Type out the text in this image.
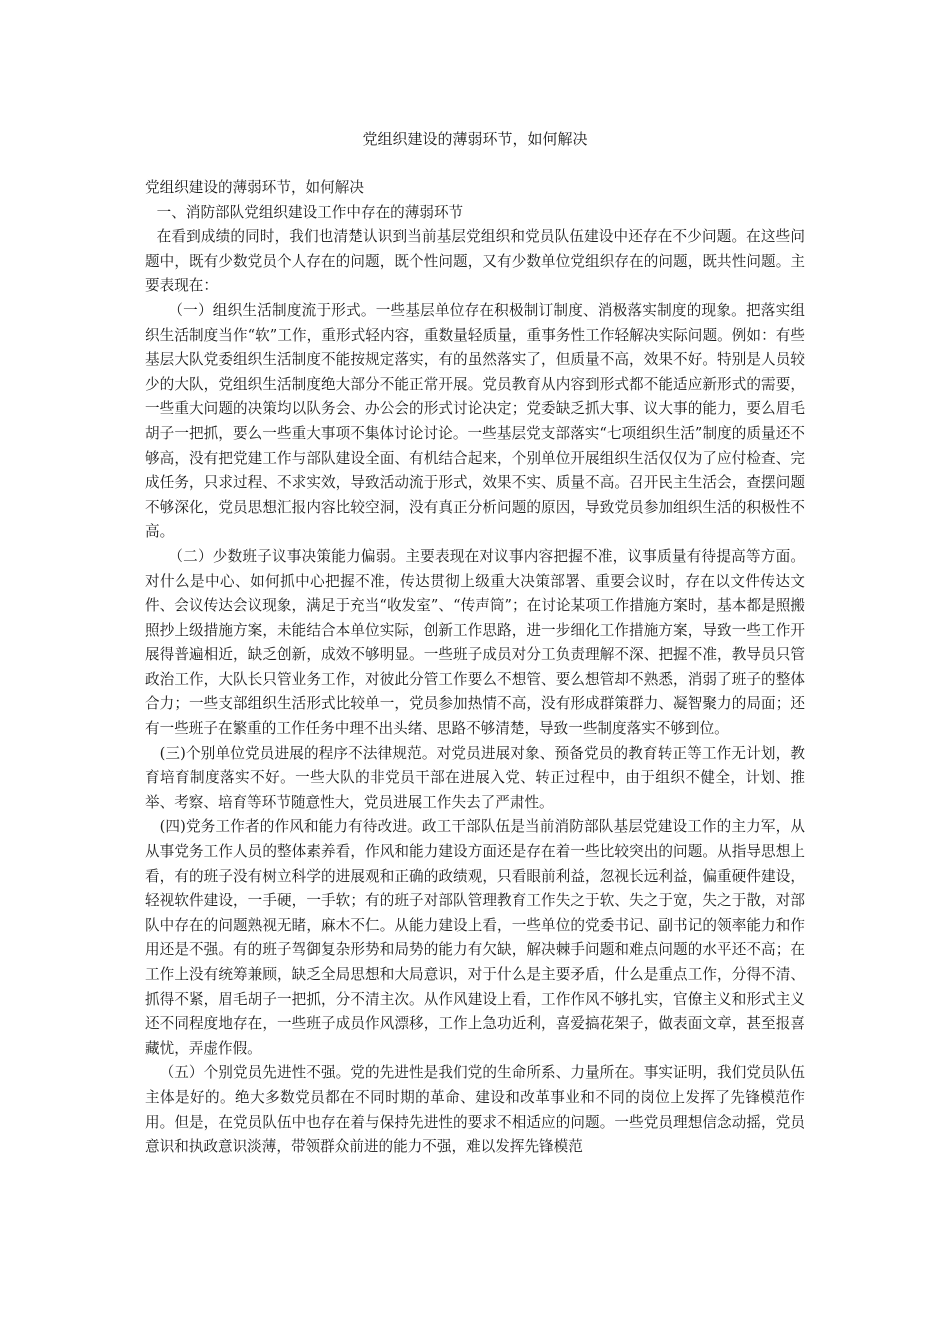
党组织建设的薄弱环节，如何解决

党组织建设的薄弱环节，如何解决

一、消防部队党组织建设工作中存在的薄弱环节

在看到成绩的同时，我们也清楚认识到当前基层党组织和党员队伍建设中还存在不少问题。在这些问题中，既有少数党员个人存在的问题，既个性问题，又有少数单位党组织存在的问题，既共性问题。主要表现在：

（一）组织生活制度流于形式。一些基层单位存在积极制订制度、消极落实制度的现象。把落实组织生活制度当作“软”工作，重形式轻内容，重数量轻质量，重事务性工作轻解决实际问题。例如：有些基层大队党委组织生活制度不能按规定落实，有的虽然落实了，但质量不高，效果不好。特别是人员较少的大队，党组织生活制度绝大部分不能正常开展。党员教育从内容到形式都不能适应新形式的需要，一些重大问题的决策均以队务会、办公会的形式讨论决定；党委缺乏抓大事、议大事的能力，要么眉毛胡子一把抓，要么一些重大事项不集体讨论讨论。一些基层党支部落实“七项组织生活”制度的质量还不够高，没有把党建工作与部队建设全面、有机结合起来，个别单位开展组织生活仅仅为了应付检查、完成任务，只求过程、不求实效，导致活动流于形式，效果不实、质量不高。召开民主生活会，查摆问题不够深化，党员思想汇报内容比较空洞，没有真正分析问题的原因，导致党员参加组织生活的积极性不高。

（二）少数班子议事决策能力偏弱。主要表现在对议事内容把握不准，议事质量有待提高等方面。对什么是中心、如何抓中心把握不准，传达贯彻上级重大决策部署、重要会议时，存在以文件传达文件、会议传达会议现象，满足于充当“收发室”、“传声筒”；在讨论某项工作措施方案时，基本都是照搬照抄上级措施方案，未能结合本单位实际，创新工作思路，进一步细化工作措施方案，导致一些工作开展得普遍相近，缺乏创新，成效不够明显。一些班子成员对分工负责理解不深、把握不准，教导员只管政治工作，大队长只管业务工作，对彼此分管工作要么不想管、要么想管却不熟悉，消弱了班子的整体合力；一些支部组织生活形式比较单一，党员参加热情不高，没有形成群策群力、凝智聚力的局面；还有一些班子在繁重的工作任务中理不出头绪、思路不够清楚，导致一些制度落实不够到位。

(三)个别单位党员进展的程序不法律规范。对党员进展对象、预备党员的教育转正等工作无计划，教育培育制度落实不好。一些大队的非党员干部在进展入党、转正过程中，由于组织不健全，计划、推举、考察、培育等环节随意性大，党员进展工作失去了严肃性。

(四)党务工作者的作风和能力有待改进。政工干部队伍是当前消防部队基层党建设工作的主力军，从从事党务工作人员的整体素养看，作风和能力建设方面还是存在着一些比较突出的问题。从指导思想上看，有的班子没有树立科学的进展观和正确的政绩观，只看眼前利益，忽视长远利益，偏重硬件建设，轻视软件建设，一手硬，一手软；有的班子对部队管理教育工作失之于软、失之于宽，失之于散，对部队中存在的问题熟视无睹，麻木不仁。从能力建设上看，一些单位的党委书记、副书记的领率能力和作用还是不强。有的班子驾御复杂形势和局势的能力有欠缺，解决棘手问题和难点问题的水平还不高；在工作上没有统筹兼顾，缺乏全局思想和大局意识，对于什么是主要矛盾，什么是重点工作，分得不清、抓得不紧，眉毛胡子一把抓，分不清主次。从作风建设上看，工作作风不够扎实，官僚主义和形式主义还不同程度地存在，一些班子成员作风漂移，工作上急功近利，喜爱搞花架子，做表面文章，甚至报喜藏忧，弄虚作假。

（五）个别党员先进性不强。党的先进性是我们党的生命所系、力量所在。事实证明，我们党员队伍主体是好的。绝大多数党员都在不同时期的革命、建设和改革事业和不同的岗位上发挥了先锋模范作用。但是，在党员队伍中也存在着与保持先进性的要求不相适应的问题。一些党员理想信念动摇，党员意识和执政意识淡薄，带领群众前进的能力不强，难以发挥先锋模范
